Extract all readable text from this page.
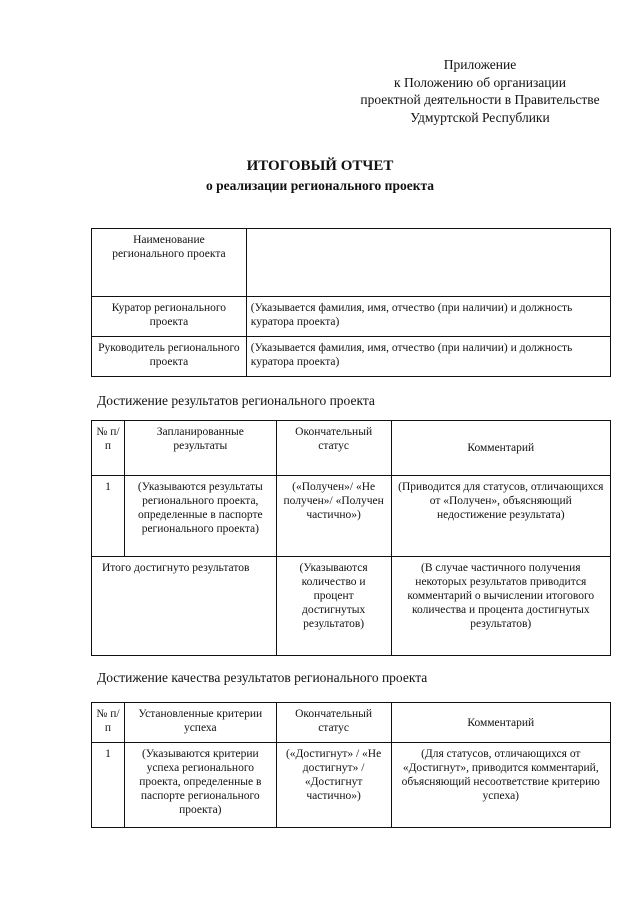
Приложение
к Положению об организации
проектной деятельности в Правительстве
Удмуртской Республики
ИТОГОВЫЙ ОТЧЕТ
о реализации регионального проекта
Наименование регионального проекта	
Куратор регионального проекта	(Указывается фамилия, имя, отчество (при наличии) и должность куратора проекта)
Руководитель регионального проекта	(Указывается фамилия, имя, отчество (при наличии) и должность куратора проекта)
Достижение результатов регионального проекта
№ п/п	Запланированные результаты	Окончательный статус	Комментарий
1	(Указываются результаты регионального проекта, определенные в паспорте регионального проекта)	(«Получен»/ «Не получен»/ «Получен частично»)	(Приводится для статусов, отличающихся от «Получен», объясняющий недостижение результата)
Итого достигнуто результатов		(Указываются количество и процент достигнутых результатов)	(В случае частичного получения некоторых результатов приводится комментарий о вычислении итогового количества и процента достигнутых результатов)
Достижение качества результатов регионального проекта
№ п/п	Установленные критерии успеха	Окончательный статус	Комментарий
1	(Указываются критерии успеха регионального проекта, определенные в паспорте регионального проекта)	(«Достигнут» / «Не достигнут» / «Достигнут частично»)	(Для статусов, отличающихся от «Достигнут», приводится комментарий, объясняющий несоответствие критерию успеха)
